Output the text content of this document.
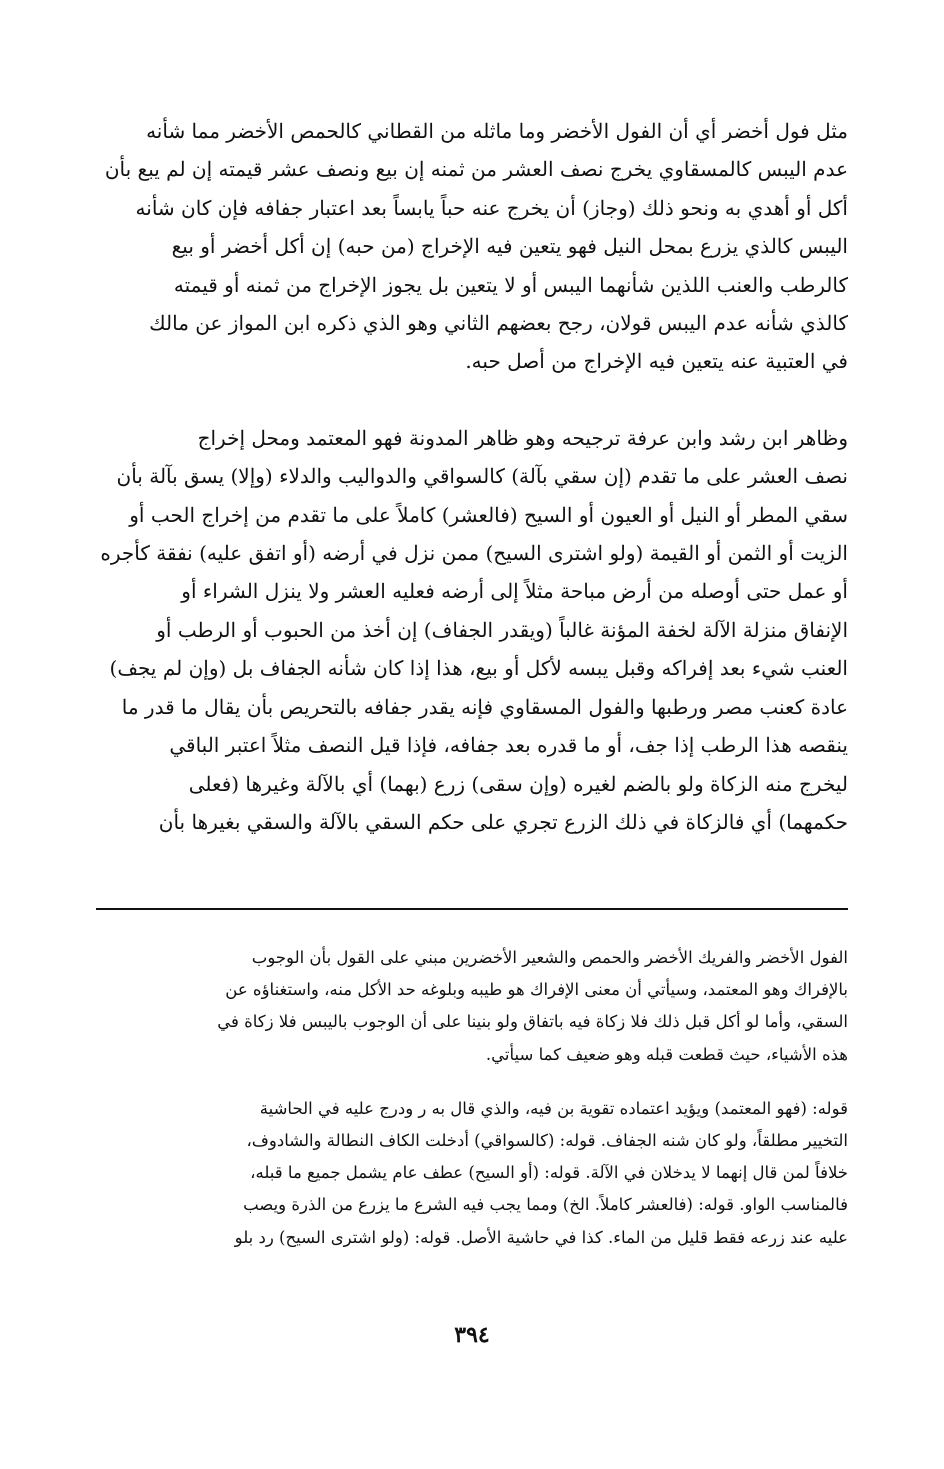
مثل فول أخضر أي أن الفول الأخضر وما ماثله من القطاني كالحمص الأخضر مما شأنه
عدم اليبس كالمسقاوي يخرج نصف العشر من ثمنه إن بيع ونصف عشر قيمته إن لم يبع بأن
أكل أو أهدي به ونحو ذلك (وجاز) أن يخرج عنه حباً يابساً بعد اعتبار جفافه فإن كان شأنه
اليبس كالذي يزرع بمحل النيل فهو يتعين فيه الإخراج (من حبه) إن أكل أخضر أو بيع
كالرطب والعنب اللذين شأنهما اليبس أو لا يتعين بل يجوز الإخراج من ثمنه أو قيمته
كالذي شأنه عدم اليبس قولان، رجح بعضهم الثاني وهو الذي ذكره ابن المواز عن مالك
في العتبية عنه يتعين فيه الإخراج من أصل حبه.
وظاهر ابن رشد وابن عرفة ترجيحه وهو ظاهر المدونة فهو المعتمد ومحل إخراج
نصف العشر على ما تقدم (إن سقي بآلة) كالسواقي والدواليب والدلاء (وإلا) يسق بآلة بأن
سقي المطر أو النيل أو العيون أو السيح (فالعشر) كاملاً على ما تقدم من إخراج الحب أو
الزيت أو الثمن أو القيمة (ولو اشترى السيح) ممن نزل في أرضه (أو اتفق عليه) نفقة كأجره
أو عمل حتى أوصله من أرض مباحة مثلاً إلى أرضه فعليه العشر ولا ينزل الشراء أو
الإنفاق منزلة الآلة لخفة المؤنة غالباً (ويقدر الجفاف) إن أخذ من الحبوب أو الرطب أو
العنب شيء بعد إفراكه وقبل يبسه لأكل أو بيع، هذا إذا كان شأنه الجفاف بل (وإن لم يجف)
عادة كعنب مصر ورطبها والفول المسقاوي فإنه يقدر جفافه بالتحريص بأن يقال ما قدر ما
ينقصه هذا الرطب إذا جف، أو ما قدره بعد جفافه، فإذا قيل النصف مثلاً اعتبر الباقي
ليخرج منه الزكاة ولو بالضم لغيره (وإن سقى) زرع (بهما) أي بالآلة وغيرها (فعلى
حكمهما) أي فالزكاة في ذلك الزرع تجري على حكم السقي بالآلة والسقي بغيرها بأن
الفول الأخضر والفريك الأخضر والحمص والشعير الأخضرين مبني على القول بأن الوجوب
بالإفراك وهو المعتمد، وسيأتي أن معنى الإفراك هو طيبه وبلوغه حد الأكل منه، واستغناؤه عن
السقي، وأما لو أكل قبل ذلك فلا زكاة فيه باتفاق ولو بنينا على أن الوجوب باليبس فلا زكاة في
هذه الأشياء، حيث قطعت قبله وهو ضعيف كما سيأتي.
قوله: (فهو المعتمد) ويؤيد اعتماده تقوية بن فيه، والذي قال به ر ودرج عليه في الحاشية
التخيير مطلقاً، ولو كان شنه الجفاف. قوله: (كالسواقي) أدخلت الكاف النطالة والشادوف،
خلافاً لمن قال إنهما لا يدخلان في الآلة. قوله: (أو السيح) عطف عام يشمل جميع ما قبله،
فالمناسب الواو. قوله: (فالعشر كاملاً. الخ) ومما يجب فيه الشرع ما يزرع من الذرة ويصب
عليه عند زرعه فقط قليل من الماء. كذا في حاشية الأصل. قوله: (ولو اشترى السيح) رد بلو
٣٩٤
